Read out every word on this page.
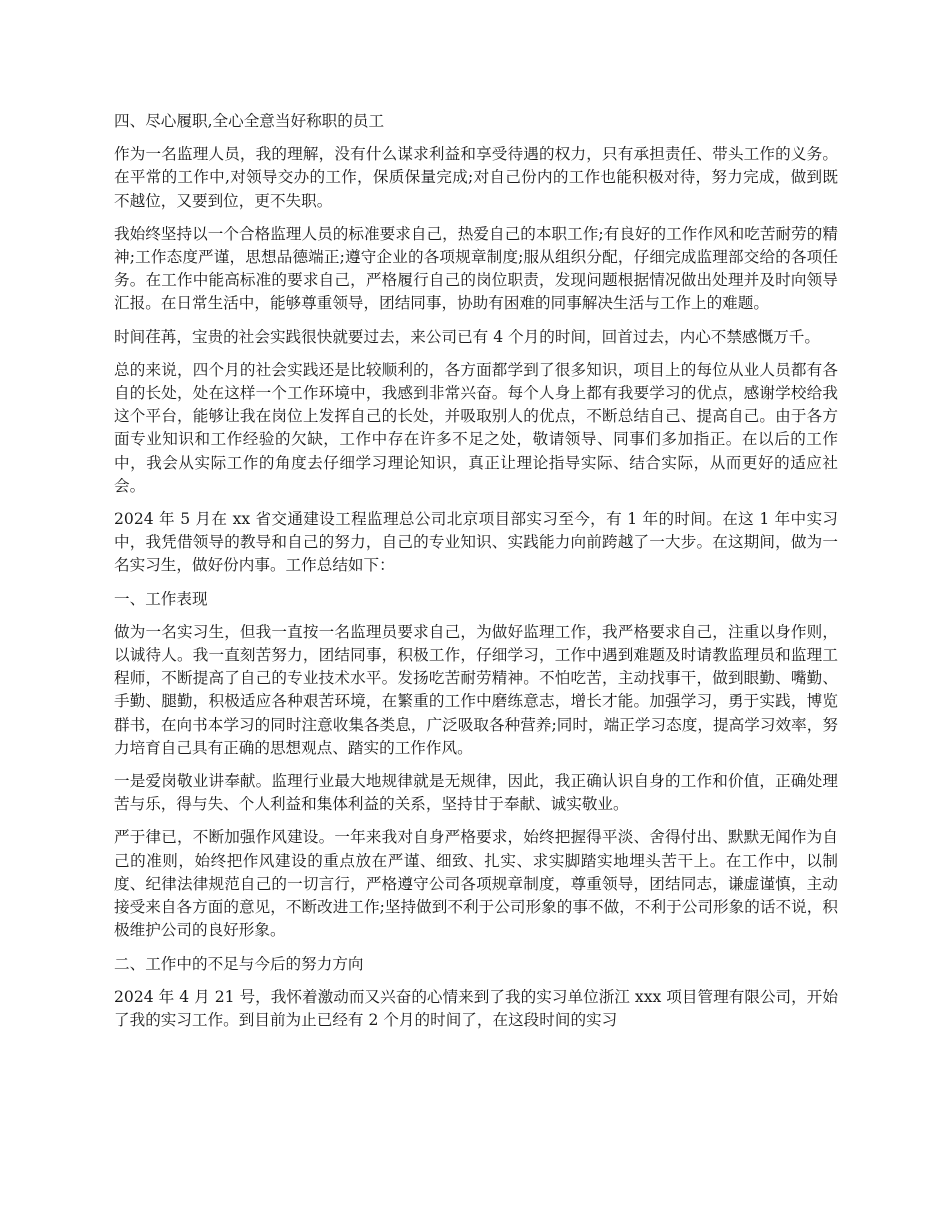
四、尽心履职,全心全意当好称职的员工

作为一名监理人员，我的理解，没有什么谋求利益和享受待遇的权力，只有承担责任、带头工作的义务。在平常的工作中,对领导交办的工作，保质保量完成;对自己份内的工作也能积极对待，努力完成，做到既不越位，又要到位，更不失职。

我始终坚持以一个合格监理人员的标准要求自己，热爱自己的本职工作;有良好的工作作风和吃苦耐劳的精神;工作态度严谨，思想品德端正;遵守企业的各项规章制度;服从组织分配，仔细完成监理部交给的各项任务。在工作中能高标准的要求自己，严格履行自己的岗位职责，发现问题根据情况做出处理并及时向领导汇报。在日常生活中，能够尊重领导，团结同事，协助有困难的同事解决生活与工作上的难题。

时间荏苒，宝贵的社会实践很快就要过去，来公司已有 4 个月的时间，回首过去，内心不禁感慨万千。

总的来说，四个月的社会实践还是比较顺利的，各方面都学到了很多知识，项目上的每位从业人员都有各自的长处，处在这样一个工作环境中，我感到非常兴奋。每个人身上都有我要学习的优点，感谢学校给我这个平台，能够让我在岗位上发挥自己的长处，并吸取别人的优点，不断总结自己、提高自己。由于各方面专业知识和工作经验的欠缺，工作中存在许多不足之处，敬请领导、同事们多加指正。在以后的工作中，我会从实际工作的角度去仔细学习理论知识，真正让理论指导实际、结合实际，从而更好的适应社会。

2024 年 5 月在 xx 省交通建设工程监理总公司北京项目部实习至今，有 1 年的时间。在这 1 年中实习中，我凭借领导的教导和自己的努力，自己的专业知识、实践能力向前跨越了一大步。在这期间，做为一名实习生，做好份内事。工作总结如下：

一、工作表现

做为一名实习生，但我一直按一名监理员要求自己，为做好监理工作，我严格要求自己，注重以身作则，以诚待人。我一直刻苦努力，团结同事，积极工作，仔细学习，工作中遇到难题及时请教监理员和监理工程师，不断提高了自己的专业技术水平。发扬吃苦耐劳精神。不怕吃苦，主动找事干，做到眼勤、嘴勤、手勤、腿勤，积极适应各种艰苦环境，在繁重的工作中磨练意志，增长才能。加强学习，勇于实践，博览群书，在向书本学习的同时注意收集各类息，广泛吸取各种营养;同时，端正学习态度，提高学习效率，努力培育自己具有正确的思想观点、踏实的工作作风。

一是爱岗敬业讲奉献。监理行业最大地规律就是无规律，因此，我正确认识自身的工作和价值，正确处理苦与乐，得与失、个人利益和集体利益的关系，坚持甘于奉献、诚实敬业。

严于律已，不断加强作风建设。一年来我对自身严格要求，始终把握得平淡、舍得付出、默默无闻作为自己的准则，始终把作风建设的重点放在严谨、细致、扎实、求实脚踏实地埋头苦干上。在工作中，以制度、纪律法律规范自己的一切言行，严格遵守公司各项规章制度，尊重领导，团结同志，谦虚谨慎，主动接受来自各方面的意见，不断改进工作;坚持做到不利于公司形象的事不做，不利于公司形象的话不说，积极维护公司的良好形象。

二、工作中的不足与今后的努力方向

2024 年 4 月 21 号，我怀着激动而又兴奋的心情来到了我的实习单位浙江 xxx 项目管理有限公司，开始了我的实习工作。到目前为止已经有 2 个月的时间了，在这段时间的实习
